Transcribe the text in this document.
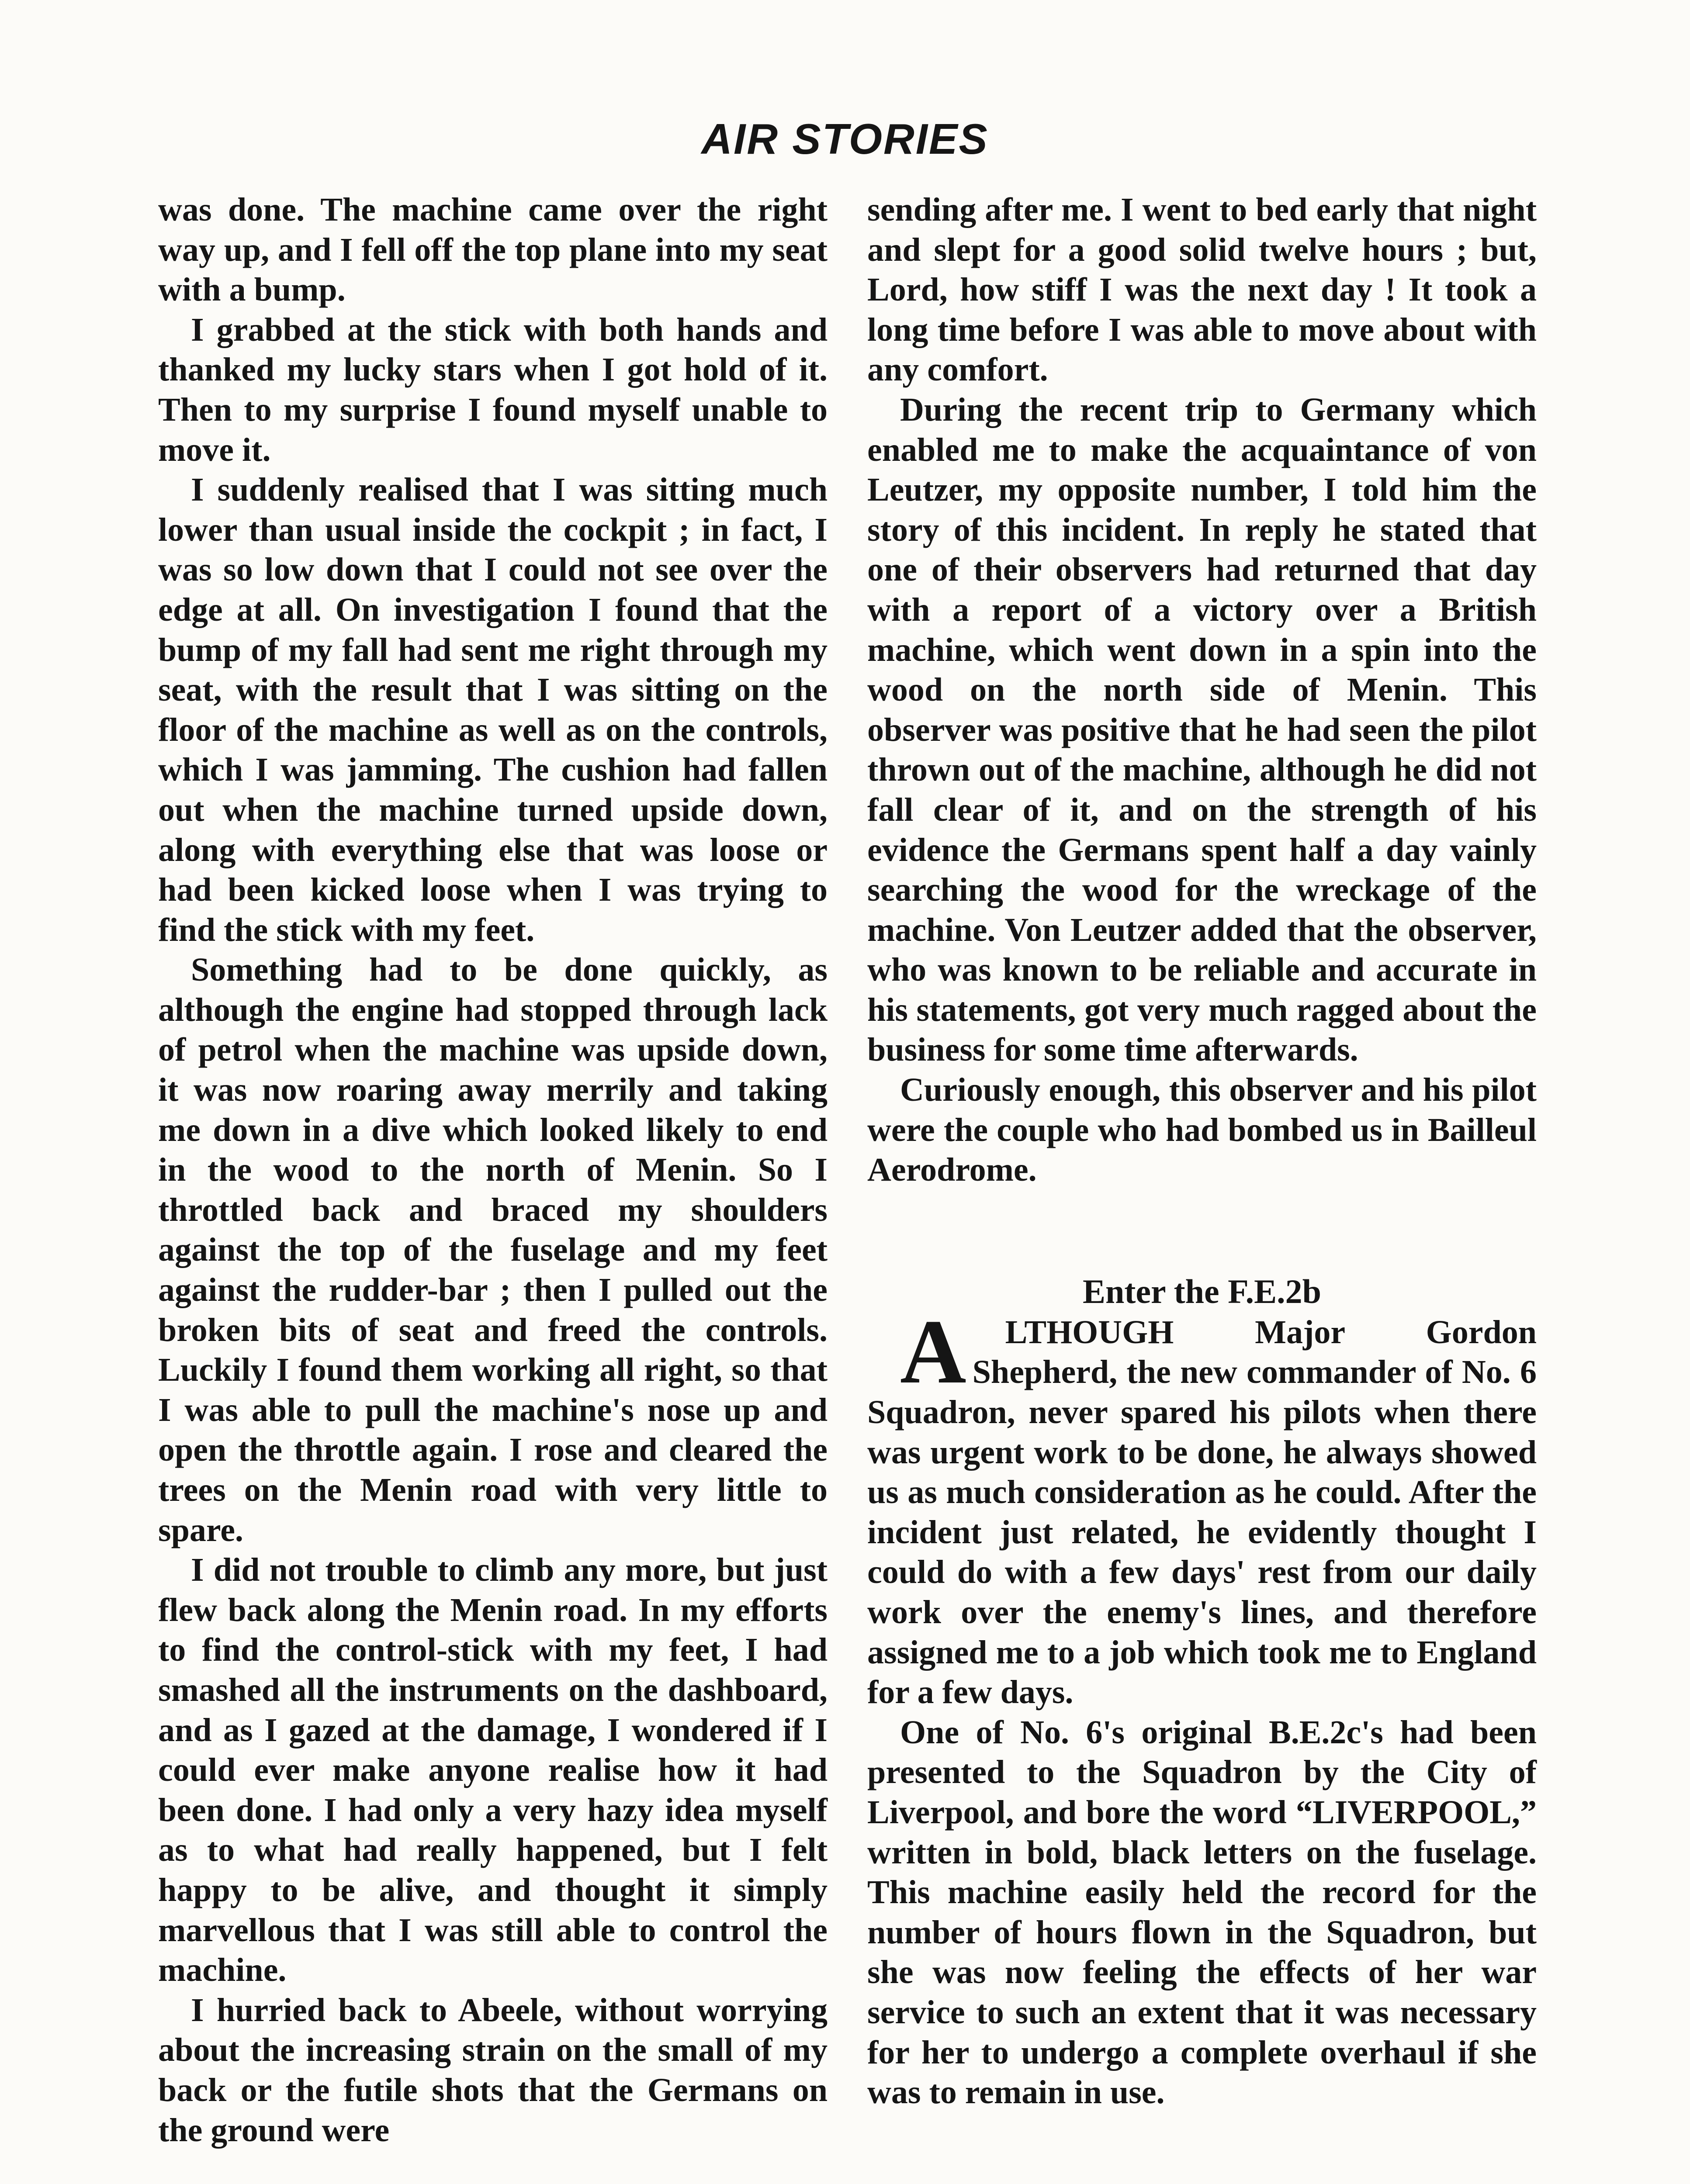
AIR STORIES

was done. The machine came over the right way up, and I fell off the top plane into my seat with a bump.

I grabbed at the stick with both hands and thanked my lucky stars when I got hold of it. Then to my surprise I found myself unable to move it.

I suddenly realised that I was sitting much lower than usual inside the cockpit ; in fact, I was so low down that I could not see over the edge at all. On investigation I found that the bump of my fall had sent me right through my seat, with the result that I was sitting on the floor of the machine as well as on the controls, which I was jamming. The cushion had fallen out when the machine turned upside down, along with everything else that was loose or had been kicked loose when I was trying to find the stick with my feet.

Something had to be done quickly, as although the engine had stopped through lack of petrol when the machine was upside down, it was now roaring away merrily and taking me down in a dive which looked likely to end in the wood to the north of Menin. So I throttled back and braced my shoulders against the top of the fuselage and my feet against the rudder-bar ; then I pulled out the broken bits of seat and freed the controls. Luckily I found them working all right, so that I was able to pull the machine's nose up and open the throttle again. I rose and cleared the trees on the Menin road with very little to spare.

I did not trouble to climb any more, but just flew back along the Menin road. In my efforts to find the control-stick with my feet, I had smashed all the instruments on the dashboard, and as I gazed at the damage, I wondered if I could ever make anyone realise how it had been done. I had only a very hazy idea myself as to what had really happened, but I felt happy to be alive, and thought it simply marvellous that I was still able to control the machine.

I hurried back to Abeele, without worrying about the increasing strain on the small of my back or the futile shots that the Germans on the ground were

sending after me. I went to bed early that night and slept for a good solid twelve hours ; but, Lord, how stiff I was the next day ! It took a long time before I was able to move about with any comfort.

During the recent trip to Germany which enabled me to make the acquaintance of von Leutzer, my opposite number, I told him the story of this incident. In reply he stated that one of their observers had returned that day with a report of a victory over a British machine, which went down in a spin into the wood on the north side of Menin. This observer was positive that he had seen the pilot thrown out of the machine, although he did not fall clear of it, and on the strength of his evidence the Germans spent half a day vainly searching the wood for the wreckage of the machine. Von Leutzer added that the observer, who was known to be reliable and accurate in his statements, got very much ragged about the business for some time afterwards.

Curiously enough, this observer and his pilot were the couple who had bombed us in Bailleul Aerodrome.

Enter the F.E.2b

A LTHOUGH Major Gordon Shepherd, the new commander of No. 6 Squadron, never spared his pilots when there was urgent work to be done, he always showed us as much consideration as he could. After the incident just related, he evidently thought I could do with a few days' rest from our daily work over the enemy's lines, and therefore assigned me to a job which took me to England for a few days.

One of No. 6's original B.E.2c's had been presented to the Squadron by the City of Liverpool, and bore the word “LIVERPOOL,” written in bold, black letters on the fuselage. This machine easily held the record for the number of hours flown in the Squadron, but she was now feeling the effects of her war service to such an extent that it was necessary for her to undergo a complete overhaul if she was to remain in use.
